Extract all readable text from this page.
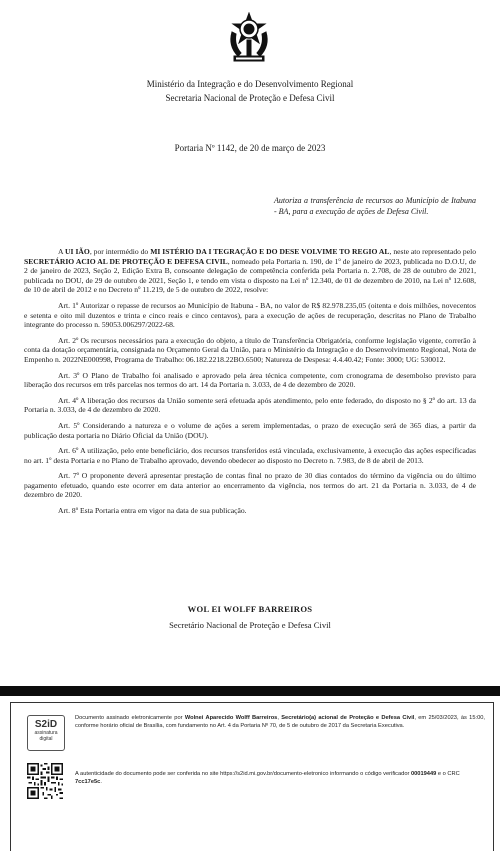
Ministério da Integração e do Desenvolvimento Regional
Secretaria Nacional de Proteção e Defesa Civil
Portaria Nº 1142, de 20 de março de 2023
Autoriza a transferência de recursos ao Município de Itabuna - BA, para a execução de ações de Defesa Civil.

A UI IÃO, por intermédio do MI ISTÉRIO DA I TEGRAÇÃO E DO DESE VOLVIME TO REGIO AL, neste ato representado pelo SECRETÁRIO ACIO AL DE PROTEÇÃO E DEFESA CIVIL, nomeado pela Portaria n. 190, de 1º de janeiro de 2023, publicada no D.O.U, de 2 de janeiro de 2023, Seção 2, Edição Extra B, consoante delegação de competência conferida pela Portaria n. 2.708, de 28 de outubro de 2021, publicada no DOU, de 29 de outubro de 2021, Seção 1, e tendo em vista o disposto na Lei nº 12.340, de 01 de dezembro de 2010, na Lei nº 12.608, de 10 de abril de 2012 e no Decreto nº 11.219, de 5 de outubro de 2022, resolve:

Art. 1º Autorizar o repasse de recursos ao Município de Itabuna - BA, no valor de R$ 82.978.235,05 (oitenta e dois milhões, novecentos e setenta e oito mil duzentos e trinta e cinco reais e cinco centavos), para a execução de ações de recuperação, descritas no Plano de Trabalho integrante do processo n. 59053.006297/2022-68.

Art. 2º Os recursos necessários para a execução do objeto, a título de Transferência Obrigatória, conforme legislação vigente, correrão à conta da dotação orçamentária, consignada no Orçamento Geral da União, para o Ministério da Integração e do Desenvolvimento Regional, Nota de Empenho n. 2022NE000998, Programa de Trabalho: 06.182.2218.22BO.6500; Natureza de Despesa: 4.4.40.42; Fonte: 3000; UG: 530012.

Art. 3º O Plano de Trabalho foi analisado e aprovado pela área técnica competente, com cronograma de desembolso previsto para liberação dos recursos em três parcelas nos termos do art. 14 da Portaria n. 3.033, de 4 de dezembro de 2020.

Art. 4º A liberação dos recursos da União somente será efetuada após atendimento, pelo ente federado, do disposto no § 2º do art. 13 da Portaria n. 3.033, de 4 de dezembro de 2020.

Art. 5º Considerando a natureza e o volume de ações a serem implementadas, o prazo de execução será de 365 dias, a partir da publicação desta portaria no Diário Oficial da União (DOU).

Art. 6º A utilização, pelo ente beneficiário, dos recursos transferidos está vinculada, exclusivamente, à execução das ações especificadas no art. 1º desta Portaria e no Plano de Trabalho aprovado, devendo obedecer ao disposto no Decreto n. 7.983, de 8 de abril de 2013.

Art. 7º O proponente deverá apresentar prestação de contas final no prazo de 30 dias contados do término da vigência ou do último pagamento efetuado, quando este ocorrer em data anterior ao encerramento da vigência, nos termos do art. 21 da Portaria n. 3.033, de 4 de dezembro de 2020.

Art. 8º Esta Portaria entra em vigor na data de sua publicação.

WOL EI WOLFF BARREIROS
Secretário Nacional de Proteção e Defesa Civil
S2iD
assinatura
digital
Documento assinado eletronicamente por Wolnei Aparecido Wolff Barreiros, Secretário(a) acional de Proteção e Defesa Civil, em 25/03/2023, às 15:00, conforme horário oficial de Brasília, com fundamento no Art. 4 da Portaria Nº 70, de 5 de outubro de 2017 da Secretaria Executiva.
A autenticidade do documento pode ser conferida no site https://s2id.mi.gov.br/documento-eletronico informando o código verificador 00019449 e o CRC 7cc17e5c.
